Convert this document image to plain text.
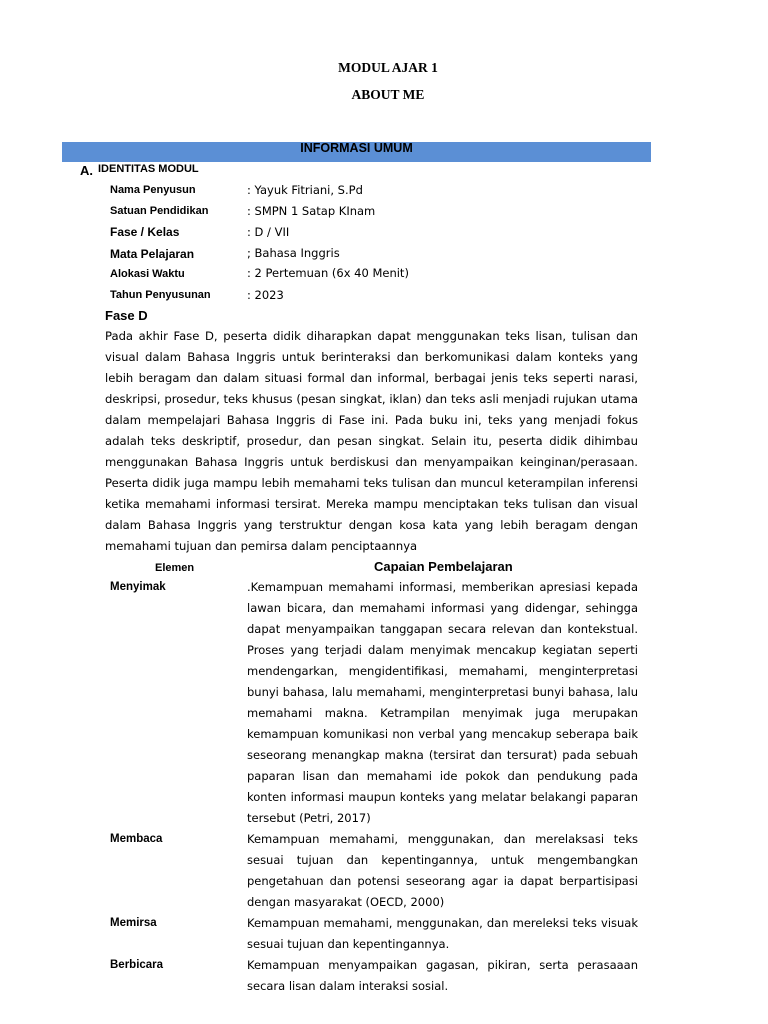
MODUL AJAR 1
ABOUT ME
INFORMASI UMUM
A. IDENTITAS MODUL
Nama Penyusun	: Yayuk Fitriani, S.Pd
Satuan Pendidikan	: SMPN 1 Satap KInam
Fase / Kelas	: D / VII
Mata Pelajaran	; Bahasa Inggris
Alokasi Waktu	: 2 Pertemuan (6x 40 Menit)
Tahun Penyusunan	: 2023
Fase D
Pada akhir Fase D, peserta didik diharapkan dapat menggunakan teks lisan, tulisan dan visual dalam Bahasa Inggris untuk berinteraksi dan berkomunikasi dalam konteks yang lebih beragam dan dalam situasi formal dan informal, berbagai jenis teks seperti narasi, deskripsi, prosedur, teks khusus (pesan singkat, iklan) dan teks asli menjadi rujukan utama dalam mempelajari Bahasa Inggris di Fase ini. Pada buku ini, teks yang menjadi fokus adalah teks deskriptif, prosedur, dan pesan singkat. Selain itu, peserta didik dihimbau menggunakan Bahasa Inggris untuk berdiskusi dan menyampaikan keinginan/perasaan. Peserta didik juga mampu lebih memahami teks tulisan dan muncul keterampilan inferensi ketika memahami informasi tersirat. Mereka mampu menciptakan teks tulisan dan visual dalam Bahasa Inggris yang terstruktur dengan kosa kata yang lebih beragam dengan memahami tujuan dan pemirsa dalam penciptaannya
Elemen	Capaian Pembelajaran
Menyimak	.Kemampuan memahami informasi, memberikan apresiasi kepada lawan bicara, dan memahami informasi yang didengar, sehingga dapat menyampaikan tanggapan secara relevan dan kontekstual. Proses yang terjadi dalam menyimak mencakup kegiatan seperti mendengarkan, mengidentifikasi, memahami, menginterpretasi bunyi bahasa, lalu memahami, menginterpretasi bunyi bahasa, lalu memahami makna. Ketrampilan menyimak juga merupakan kemampuan komunikasi non verbal yang mencakup seberapa baik seseorang menangkap makna (tersirat dan tersurat) pada sebuah paparan lisan dan memahami ide pokok dan pendukung pada konten informasi maupun konteks yang melatar belakangi paparan tersebut (Petri, 2017)
Membaca	Kemampuan memahami, menggunakan, dan merelaksasi teks sesuai tujuan dan kepentingannya, untuk mengembangkan pengetahuan dan potensi seseorang agar ia dapat berpartisipasi dengan masyarakat (OECD, 2000)
Memirsa	Kemampuan memahami, menggunakan, dan mereleksi teks visuak sesuai tujuan dan kepentingannya.
Berbicara	Kemampuan menyampaikan gagasan, pikiran, serta perasaaan secara lisan dalam interaksi sosial.
